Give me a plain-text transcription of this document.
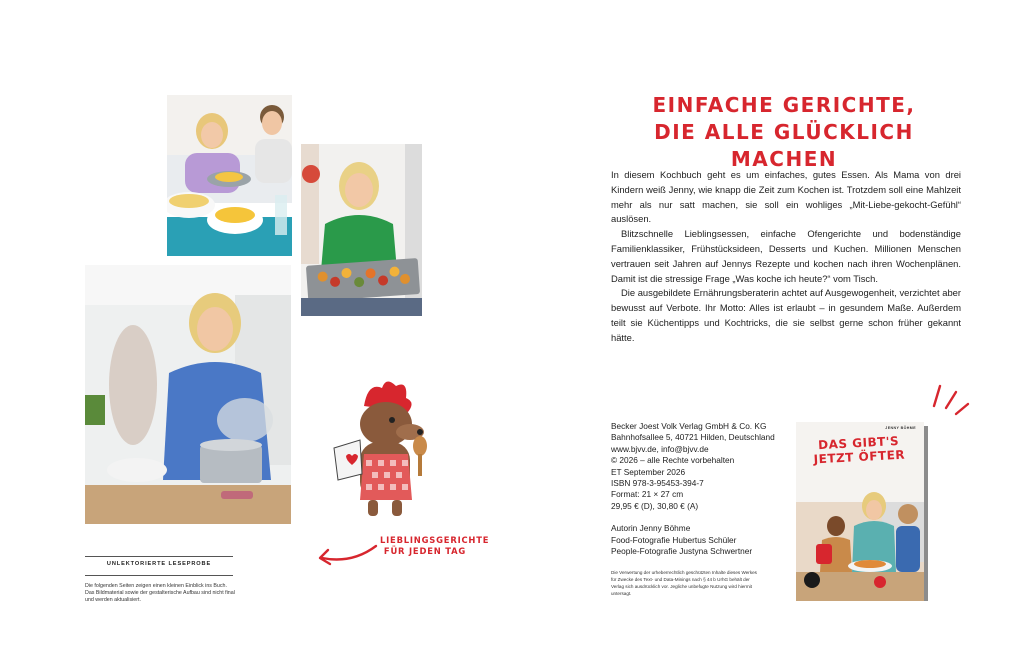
LIEBLINGSGERICHTE
FÜR JEDEN TAG
UNLEKTORIERTE LESEPROBE
Die folgenden Seiten zeigen einen kleinen Einblick ins Buch. Das Bildmaterial sowie der gestalterische Aufbau sind nicht final und werden aktualisiert.
EINFACHE GERICHTE,
DIE ALLE GLÜCKLICH MACHEN

In diesem Kochbuch geht es um einfaches, gutes Essen. Als Mama von drei Kindern weiß Jenny, wie knapp die Zeit zum Kochen ist. Trotzdem soll eine Mahlzeit mehr als nur satt machen, sie soll ein wohliges „Mit-Liebe-gekocht-Gefühl“ auslösen.

Blitzschnelle Lieblingsessen, einfache Ofengerichte und bodenständige Familienklassiker, Frühstücksideen, Desserts und Kuchen. Millionen Menschen vertrauen seit Jahren auf Jennys Rezepte und kochen nach ihren Wochenplänen. Damit ist die stressige Frage „Was koche ich heute?“ vom Tisch.

Die ausgebildete Ernährungsberaterin achtet auf Ausgewogenheit, verzichtet aber bewusst auf Verbote. Ihr Motto: Alles ist erlaubt – in gesundem Maße. Außerdem teilt sie Küchentipps und Kochtricks, die sie selbst gerne schon früher gekannt hätte.

Becker Joest Volk Verlag GmbH & Co. KG
Bahnhofsallee 5, 40721 Hilden, Deutschland
www.bjvv.de, info@bjvv.de
© 2026 – alle Rechte vorbehalten
ET September 2026
ISBN 978-3-95453-394-7
Format: 21 × 27 cm
29,95 € (D), 30,80 € (A)
Autorin Jenny Böhme
Food-Fotografie Hubertus Schüler
People-Fotografie Justyna Schwertner
Die Verwertung der urheberrechtlich geschützten Inhalte dieses Werkes für Zwecke des Text- und Data-Minings nach § 44 b UrhG behält der Verlag sich ausdrücklich vor. Jegliche unbefugte Nutzung wird hiermit untersagt.
JENNY BÖHME
DAS GIBT'S
JETZT ÖFTER
